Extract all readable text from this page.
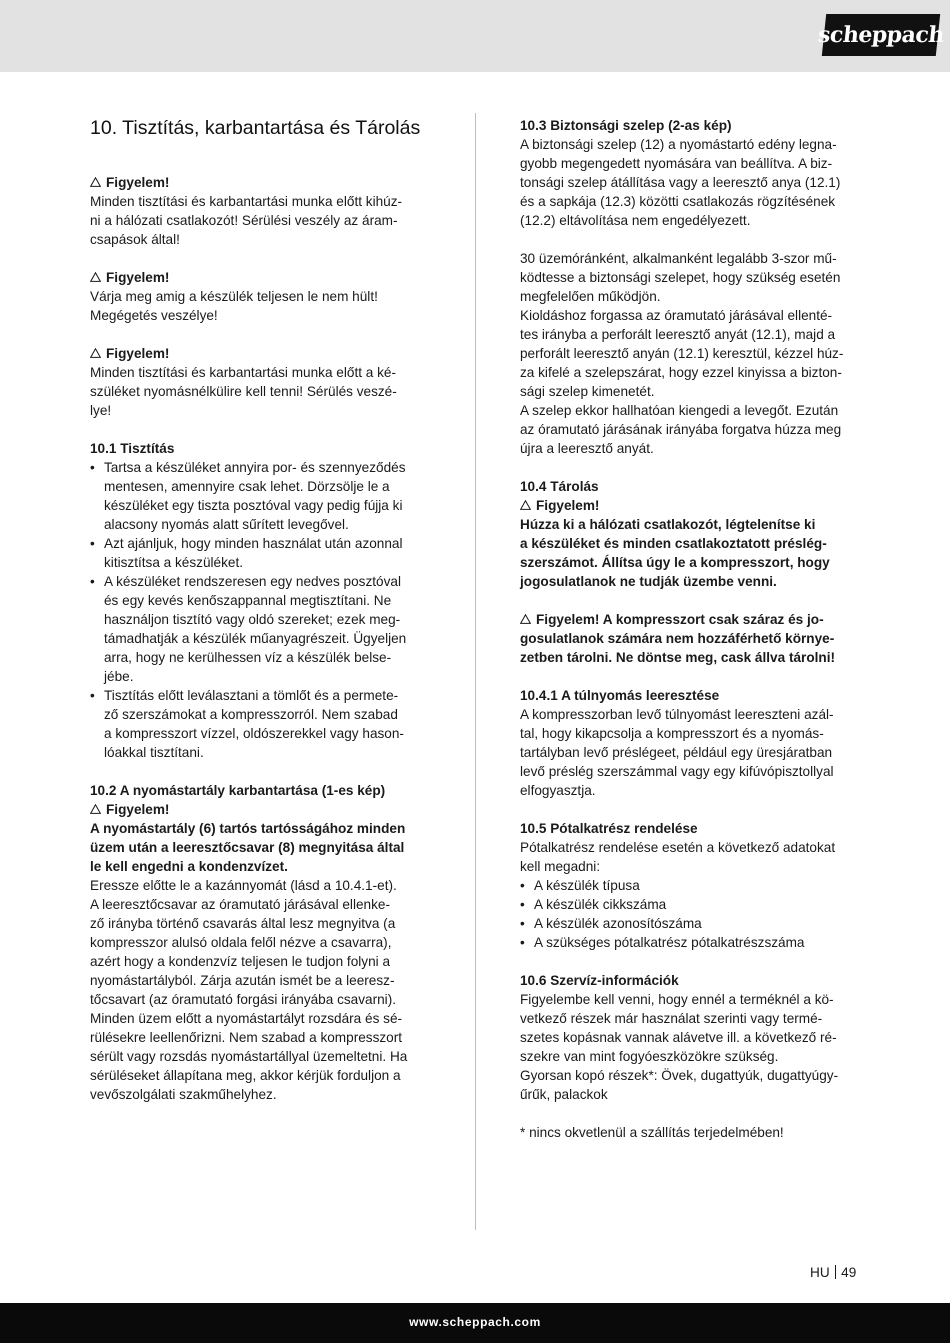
scheppach
10. Tisztítás, karbantartása és Tárolás
Figyelem!

Minden tisztítási és karbantartási munka előtt kihúz-

ni a hálózati csatlakozót! Sérülési veszély az áram-

csapások által!

Figyelem!

Várja meg amig a készülék teljesen le nem hült!

Megégetés veszélye!

Figyelem!

Minden tisztítási és karbantartási munka előtt a ké-

szüléket nyomásnélkülire kell tenni! Sérülés veszé-

lye!

10.1 Tisztítás

• Tartsa a készüléket annyira por- és szennyeződés

mentesen, amennyire csak lehet. Dörzsölje le a

készüléket egy tiszta posztóval vagy pedig fújja ki

alacsony nyomás alatt sűrített levegővel.

• Azt ajánljuk, hogy minden használat után azonnal

kitisztítsa a készüléket.

• A készüléket rendszeresen egy nedves posztóval

és egy kevés kenőszappannal megtisztítani. Ne

használjon tisztító vagy oldó szereket; ezek meg-

támadhatják a készülék műanyagrészeit. Ügyeljen

arra, hogy ne kerülhessen víz a készülék belse-

jébe.

• Tisztítás előtt leválasztani a tömlőt és a permete-

ző szerszámokat a kompresszorról. Nem szabad

a kompresszort vízzel, oldószerekkel vagy hason-

lóakkal tisztítani.

10.2 A nyomástartály karbantartása (1-es kép)

Figyelem!

A nyomástartály (6) tartós tartósságához minden

üzem után a leeresztőcsavar (8) megnyitása által

le kell engedni a kondenzvízet.

Eressze előtte le a kazánnyomát (lásd a 10.4.1-et).

A leeresztőcsavar az óramutató járásával ellenke-

ző irányba történő csavarás által lesz megnyitva (a

kompresszor alulsó oldala felől nézve a csavarra),

azért hogy a kondenzvíz teljesen le tudjon folyni a

nyomástartályból. Zárja azután ismét be a leeresz-

tőcsavart (az óramutató forgási irányába csavarni).

Minden üzem előtt a nyomástartályt rozsdára és sé-

rülésekre leellenőrizni. Nem szabad a kompresszort

sérült vagy rozsdás nyomástartállyal üzemeltetni. Ha

sérüléseket állapítana meg, akkor kérjük forduljon a

vevőszolgálati szakműhelyhez.

10.3 Biztonsági szelep (2-as kép)

A biztonsági szelep (12) a nyomástartó edény legna-

gyobb megengedett nyomására van beállítva. A biz-

tonsági szelep átállítása vagy a leeresztő anya (12.1)

és a sapkája (12.3) közötti csatlakozás rögzítésének

(12.2) eltávolítása nem engedélyezett.

30 üzemóránként, alkalmanként legalább 3-szor mű-

ködtesse a biztonsági szelepet, hogy szükség esetén

megfelelően működjön.

Kioldáshoz forgassa az óramutató járásával ellenté-

tes irányba a perforált leeresztő anyát (12.1), majd a

perforált leeresztő anyán (12.1) keresztül, kézzel húz-

za kifelé a szelepszárat, hogy ezzel kinyissa a bizton-

sági szelep kimenetét.

A szelep ekkor hallhatóan kiengedi a levegőt. Ezután

az óramutató járásának irányába forgatva húzza meg

újra a leeresztő anyát.

10.4 Tárolás

Figyelem!

Húzza ki a hálózati csatlakozót, légtelenítse ki

a készüléket és minden csatlakoztatott préslég-

szerszámot. Állítsa úgy le a kompresszort, hogy

jogosulatlanok ne tudják üzembe venni.

Figyelem! A kompresszort csak száraz és jo-

gosulatlanok számára nem hozzáférhető környe-

zetben tárolni. Ne döntse meg, cask állva tárolni!

10.4.1 A túlnyomás leeresztése

A kompresszorban levő túlnyomást leereszteni azál-

tal, hogy kikapcsolja a kompresszort és a nyomás-

tartályban levő préslégeet, például egy üresjáratban

levő préslég szerszámmal vagy egy kifúvópisztollyal

elfogyasztja.

10.5 Pótalkatrész rendelése

Pótalkatrész rendelése esetén a következő adatokat

kell megadni:

• A készülék típusa
• A készülék cikkszáma
• A készülék azonosítószáma
• A szükséges pótalkatrész pótalkatrészszáma

10.6 Szervíz-információk

Figyelembe kell venni, hogy ennél a terméknél a kö-

vetkező részek már használat szerinti vagy termé-

szetes kopásnak vannak alávetve ill. a következő ré-

szekre van mint fogyóeszközökre szükség.

Gyorsan kopó részek*: Övek, dugattyúk, dugattyúgy-

űrűk, palackok

* nincs okvetlenül a szállítás terjedelmében!

HU 49
www.scheppach.com
